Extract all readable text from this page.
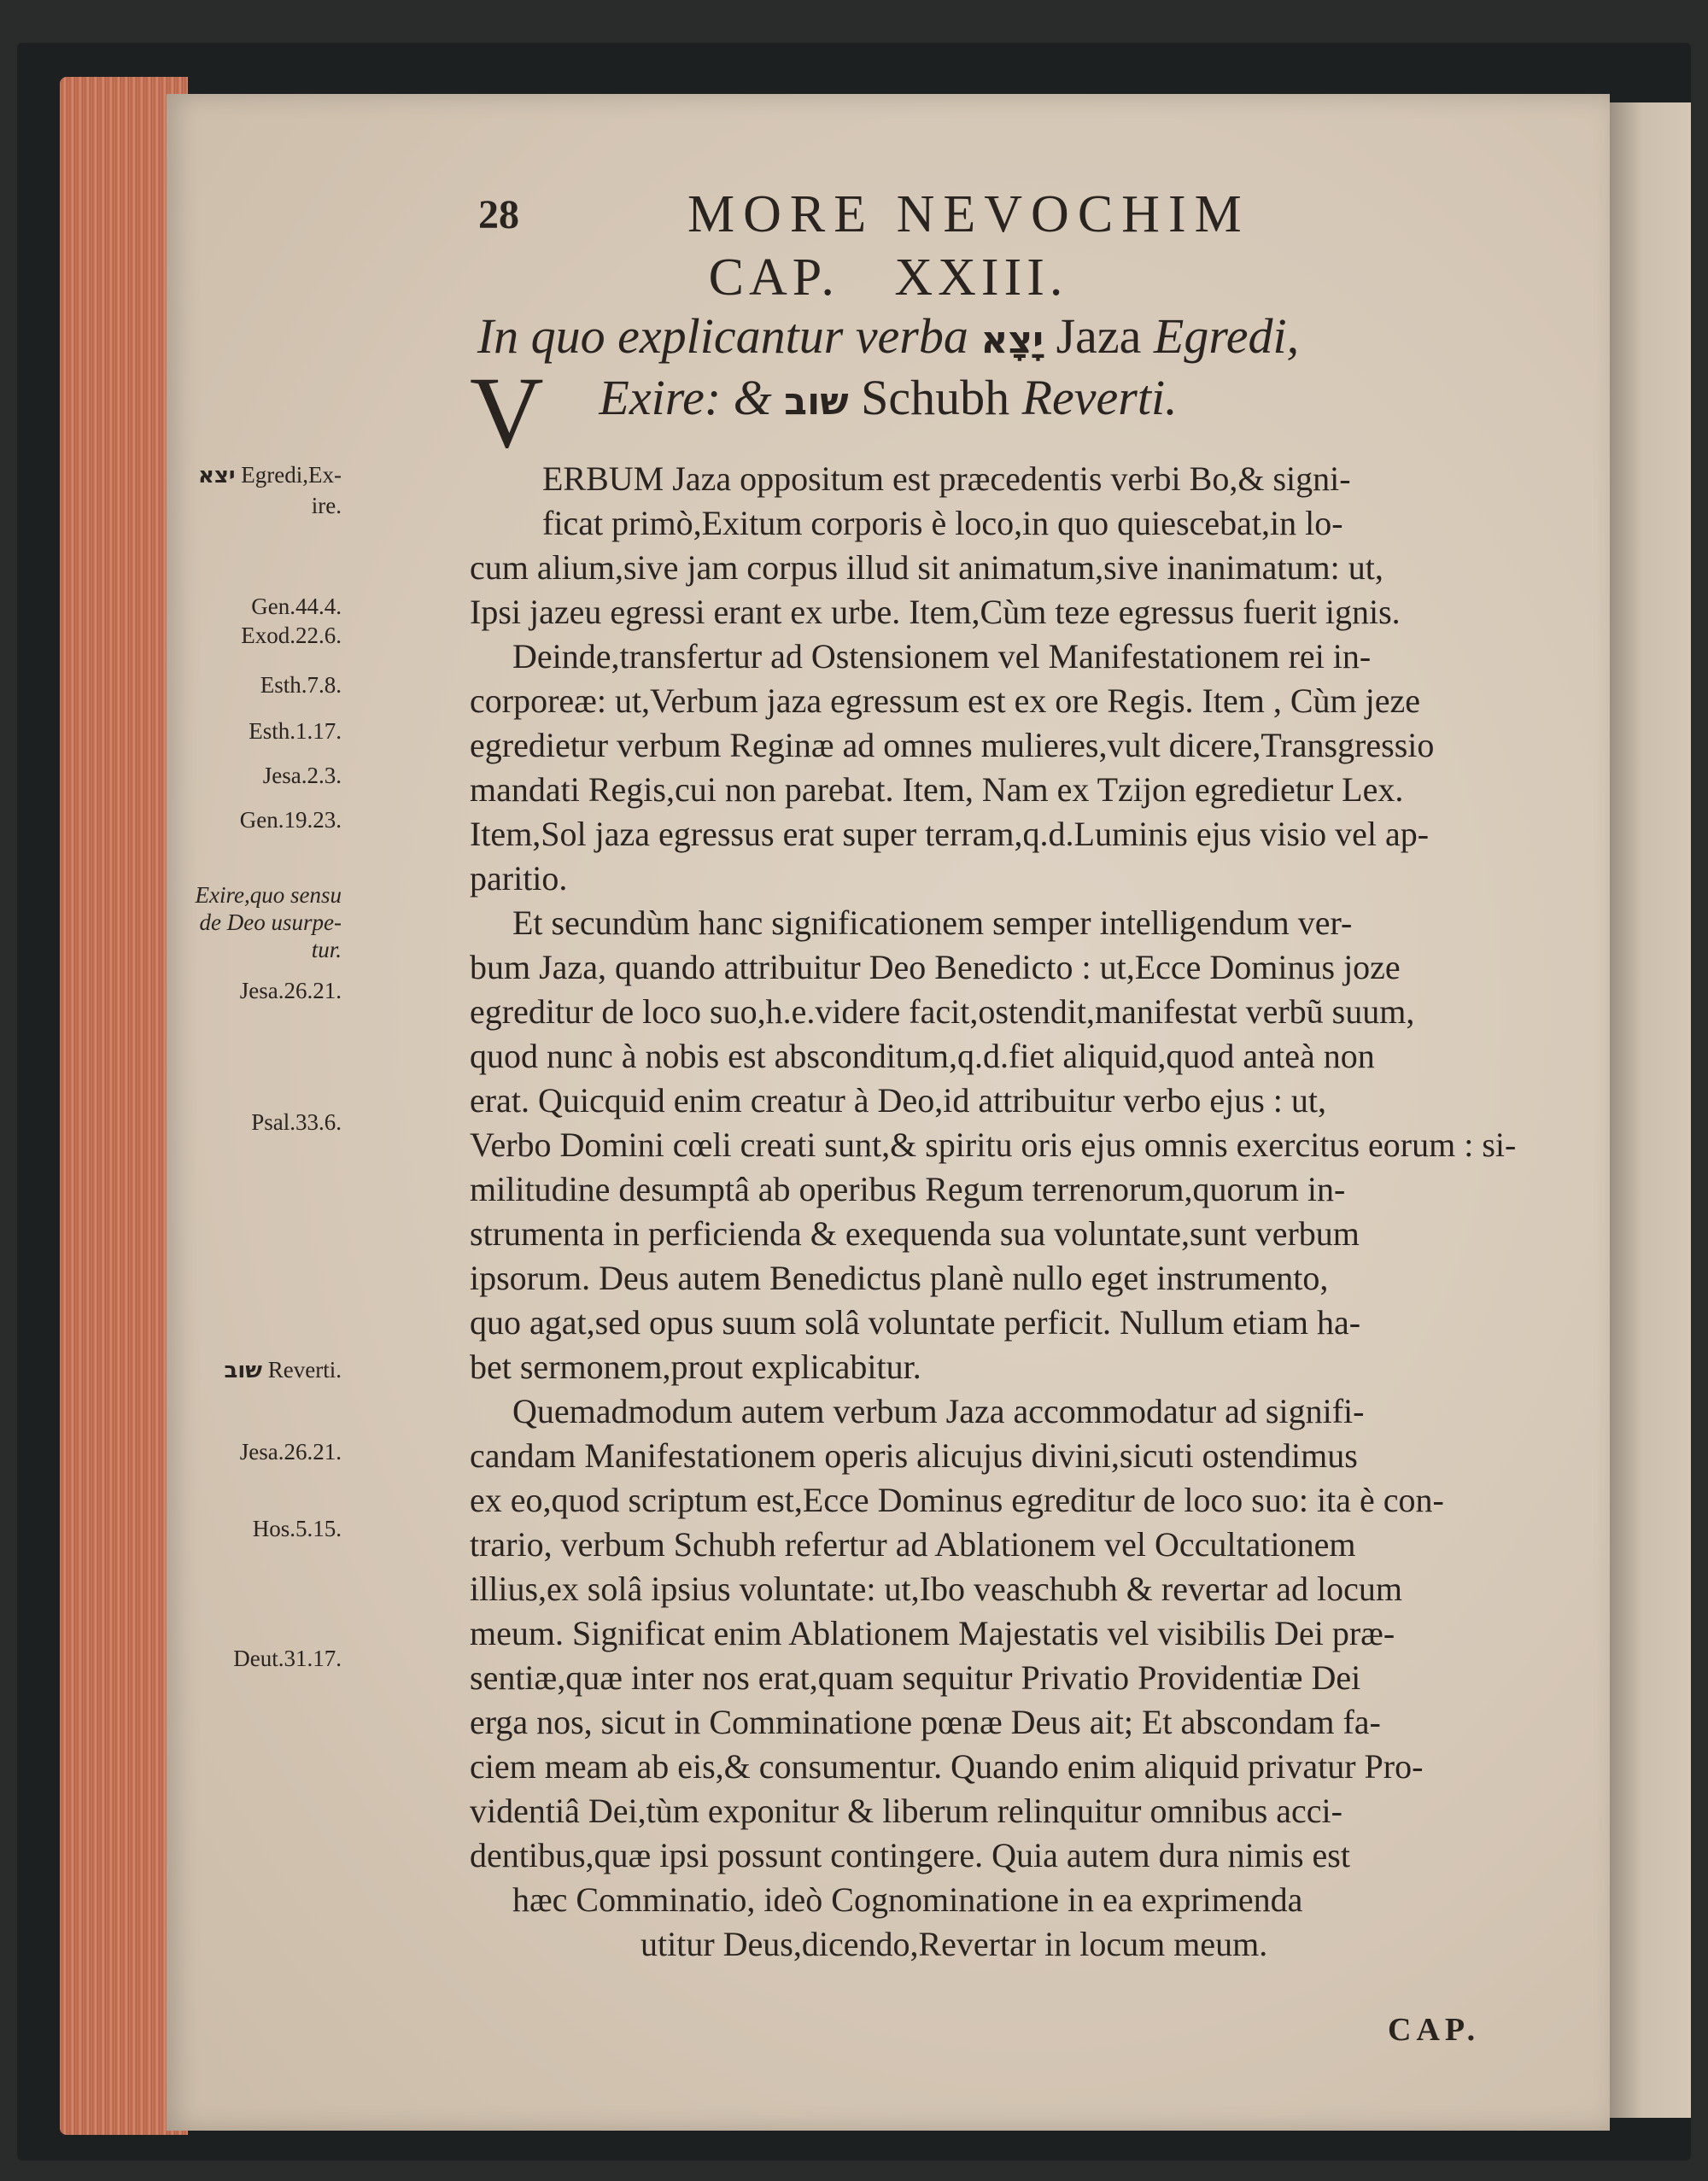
28	MORE NEVOCHIM
CAP. XXIII.
In quo explicantur verba יָצָא Jaza Egredi,
Exire: & שוב Schubh Reverti.
יצא Egredi,Ex-
ire.
Gen.44.4.
Exod.22.6.
Esth.7.8.
Esth.1.17.
Jesa.2.3.
Gen.19.23.
Exire,quo sensu
de Deo usurpe-
tur.
Jesa.26.21.
Psal.33.6.
שוב Reverti.
Jesa.26.21.
Hos.5.15.
Deut.31.17.
V
ERBUM Jaza oppositum est præcedentis verbi Bo,& signi-
ficat primò,Exitum corporis è loco,in quo quiescebat,in lo-
cum alium,sive jam corpus illud sit animatum,sive inanimatum: ut,
Ipsi jazeu egressi erant ex urbe. Item,Cùm teze egressus fuerit ignis.
Deinde,transfertur ad Ostensionem vel Manifestationem rei in-
corporeæ: ut,Verbum jaza egressum est ex ore Regis. Item , Cùm jeze
egredietur verbum Reginæ ad omnes mulieres,vult dicere,Transgressio
mandati Regis,cui non parebat. Item, Nam ex Tzijon egredietur Lex.
Item,Sol jaza egressus erat super terram,q.d.Luminis ejus visio vel ap-
paritio.
Et secundùm hanc significationem semper intelligendum ver-
bum Jaza, quando attribuitur Deo Benedicto : ut,Ecce Dominus joze
egreditur de loco suo,h.e.videre facit,ostendit,manifestat verbũ suum,
quod nunc à nobis est absconditum,q.d.fiet aliquid,quod anteà non
erat. Quicquid enim creatur à Deo,id attribuitur verbo ejus : ut,
Verbo Domini cœli creati sunt,& spiritu oris ejus omnis exercitus eorum : si-
militudine desumptâ ab operibus Regum terrenorum,quorum in-
strumenta in perficienda & exequenda sua voluntate,sunt verbum
ipsorum. Deus autem Benedictus planè nullo eget instrumento,
quo agat,sed opus suum solâ voluntate perficit. Nullum etiam ha-
bet sermonem,prout explicabitur.
Quemadmodum autem verbum Jaza accommodatur ad signifi-
candam Manifestationem operis alicujus divini,sicuti ostendimus
ex eo,quod scriptum est,Ecce Dominus egreditur de loco suo: ita è con-
trario, verbum Schubh refertur ad Ablationem vel Occultationem
illius,ex solâ ipsius voluntate: ut,Ibo veaschubh & revertar ad locum
meum. Significat enim Ablationem Majestatis vel visibilis Dei præ-
sentiæ,quæ inter nos erat,quam sequitur Privatio Providentiæ Dei
erga nos, sicut in Comminatione pœnæ Deus ait; Et abscondam fa-
ciem meam ab eis,& consumentur. Quando enim aliquid privatur Pro-
videntiâ Dei,tùm exponitur & liberum relinquitur omnibus acci-
dentibus,quæ ipsi possunt contingere. Quia autem dura nimis est
hæc Comminatio, ideò Cognominatione in ea exprimenda
utitur Deus,dicendo,Revertar in locum meum.
CAP.
